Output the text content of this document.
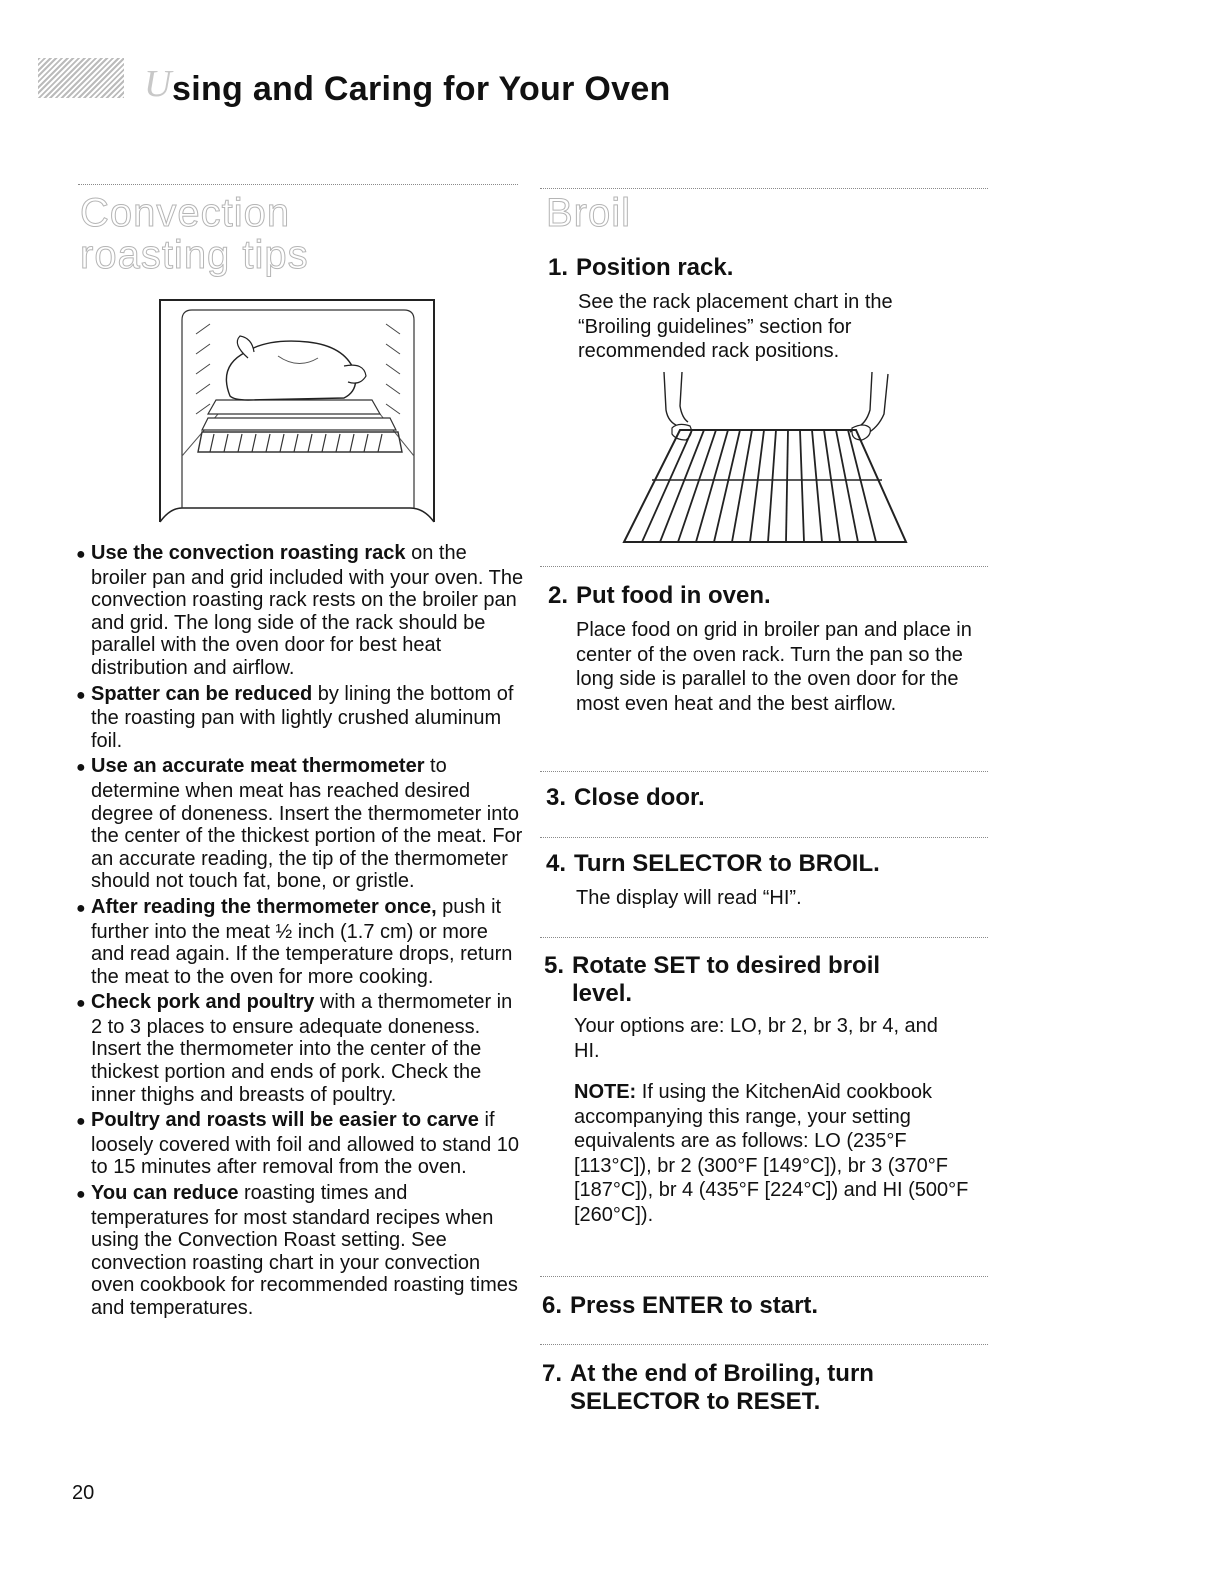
U sing and Caring for Your Oven
Convection
roasting tips

● Use the convection roasting rack on the broiler pan and grid included with your oven. The convection roasting rack rests on the broiler pan and grid. The long side of the rack should be parallel with the oven door for best heat distribution and airflow.

● Spatter can be reduced by lining the bottom of the roasting pan with lightly crushed aluminum foil.

● Use an accurate meat thermometer to determine when meat has reached desired degree of doneness. Insert the thermometer into the center of the thickest portion of the meat. For an accurate reading, the tip of the thermometer should not touch fat, bone, or gristle.

● After reading the thermometer once, push it further into the meat ½ inch (1.7 cm) or more and read again. If the temperature drops, return the meat to the oven for more cooking.

● Check pork and poultry with a thermometer in 2 to 3 places to ensure adequate doneness. Insert the thermometer into the center of the thickest portion and ends of pork. Check the inner thighs and breasts of poultry.

● Poultry and roasts will be easier to carve if loosely covered with foil and allowed to stand 10 to 15 minutes after removal from the oven.

● You can reduce roasting times and temperatures for most standard recipes when using the Convection Roast setting. See convection roasting chart in your convection oven cookbook for recommended roasting times and temperatures.

Broil
1. Position rack.

See the rack placement chart in the “Broiling guidelines” section for recommended rack positions.

2. Put food in oven.

Place food on grid in broiler pan and place in center of the oven rack. Turn the pan so the long side is parallel to the oven door for the most even heat and the best airflow.

3. Close door.
4. Turn SELECTOR to BROIL.

The display will read “HI”.

5. Rotate SET to desired broil
level.

Your options are: LO, br 2, br 3, br 4, and HI.

NOTE: If using the KitchenAid cookbook accompanying this range, your setting equivalents are as follows: LO (235°F [113°C]), br 2 (300°F [149°C]), br 3 (370°F [187°C]), br 4 (435°F [224°C]) and HI (500°F [260°C]).

6. Press ENTER to start.
7. At the end of Broiling, turn
SELECTOR to RESET.
20
